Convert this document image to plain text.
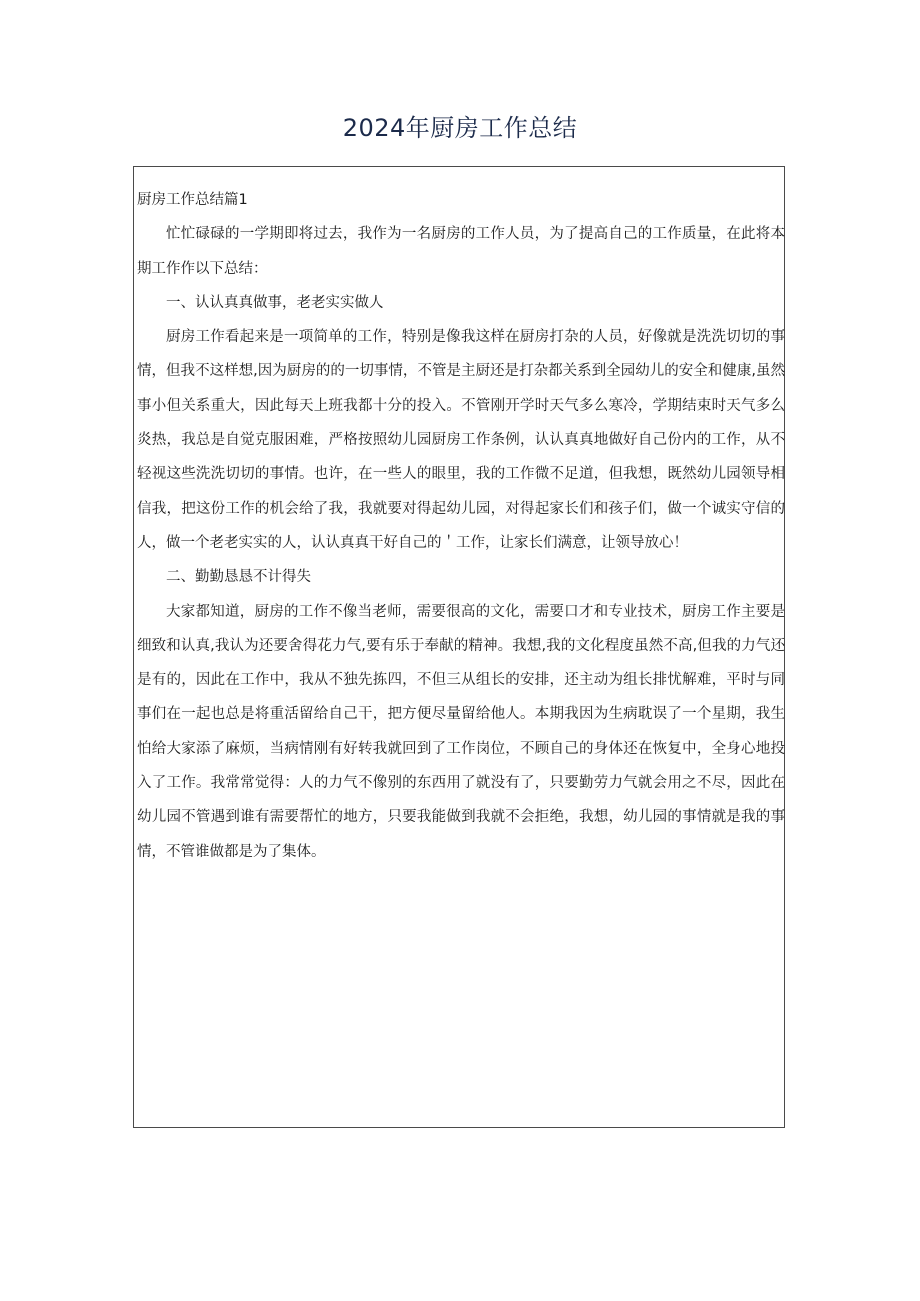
2024年厨房工作总结

厨房工作总结篇1

忙忙碌碌的一学期即将过去，我作为一名厨房的工作人员，为了提高自己的工作质量，在此将本期工作作以下总结：

一、认认真真做事，老老实实做人

厨房工作看起来是一项简单的工作，特别是像我这样在厨房打杂的人员，好像就是洗洗切切的事情，但我不这样想,因为厨房的的一切事情，不管是主厨还是打杂都关系到全园幼儿的安全和健康,虽然事小但关系重大，因此每天上班我都十分的投入。不管刚开学时天气多么寒冷，学期结束时天气多么炎热，我总是自觉克服困难，严格按照幼儿园厨房工作条例，认认真真地做好自己份内的工作，从不轻视这些洗洗切切的事情。也许，在一些人的眼里，我的工作微不足道，但我想，既然幼儿园领导相信我，把这份工作的机会给了我，我就要对得起幼儿园，对得起家长们和孩子们，做一个诚实守信的人，做一个老老实实的人，认认真真干好自己的＇工作，让家长们满意，让领导放心！

二、勤勤恳恳不计得失

大家都知道，厨房的工作不像当老师，需要很高的文化，需要口才和专业技术，厨房工作主要是细致和认真,我认为还要舍得花力气,要有乐于奉献的精神。我想,我的文化程度虽然不高,但我的力气还是有的，因此在工作中，我从不独先拣四，不但三从组长的安排，还主动为组长排忧解难，平时与同事们在一起也总是将重活留给自己干，把方便尽量留给他人。本期我因为生病耽误了一个星期，我生怕给大家添了麻烦，当病情刚有好转我就回到了工作岗位，不顾自己的身体还在恢复中，全身心地投入了工作。我常常觉得：人的力气不像别的东西用了就没有了，只要勤劳力气就会用之不尽，因此在幼儿园不管遇到谁有需要帮忙的地方，只要我能做到我就不会拒绝，我想，幼儿园的事情就是我的事情，不管谁做都是为了集体。
